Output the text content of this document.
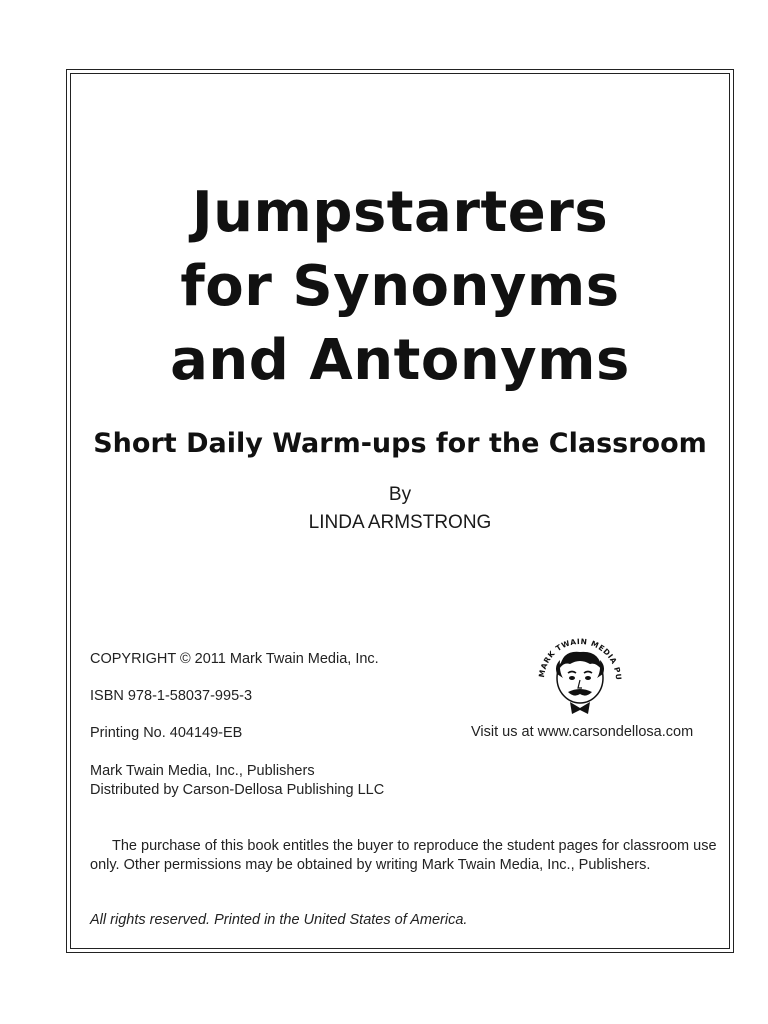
Jumpstarters
for Synonyms
and Antonyms
Short Daily Warm-ups for the Classroom
By
LINDA ARMSTRONG
COPYRIGHT © 2011 Mark Twain Media, Inc.
ISBN 978-1-58037-995-3
Printing No. 404149-EB
Mark Twain Media, Inc., Publishers
Distributed by Carson-Dellosa Publishing LLC
Visit us at www.carsondellosa.com
MARK TWAIN MEDIA PU
The purchase of this book entitles the buyer to reproduce the student pages for classroom use only. Other permissions may be obtained by writing Mark Twain Media, Inc., Publishers.
All rights reserved. Printed in the United States of America.
